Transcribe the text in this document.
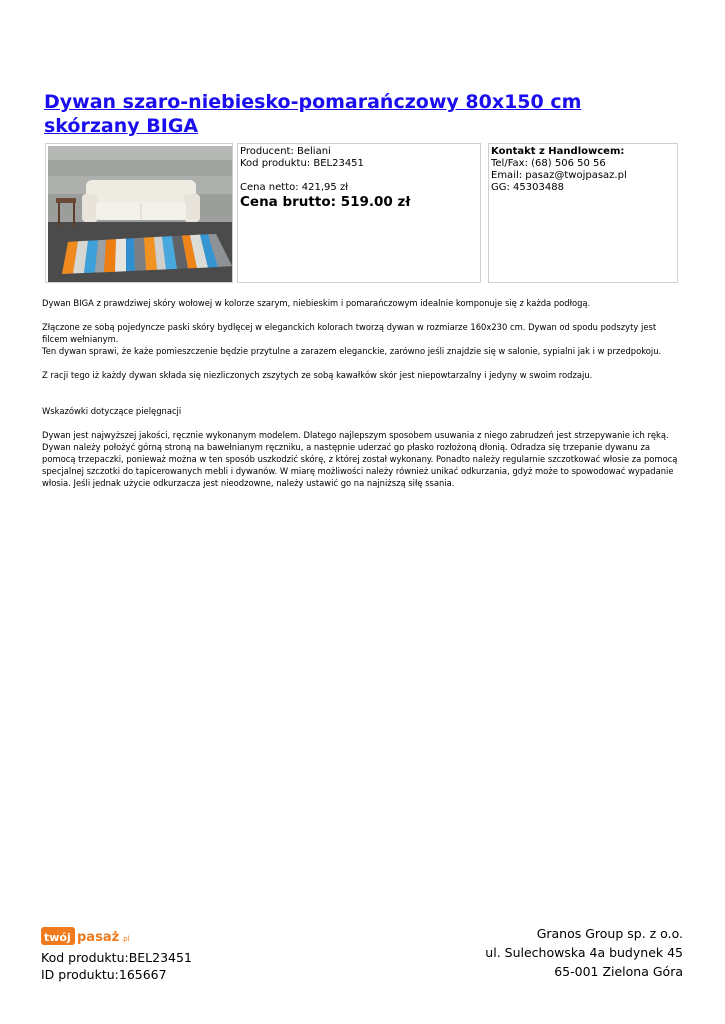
Dywan szaro-niebiesko-pomarańczowy 80x150 cm skórzany BIGA
Producent: Beliani
Kod produktu: BEL23451
Cena netto: 421,95 zł
Cena brutto: 519.00 zł
Kontakt z Handlowcem:
Tel/Fax: (68) 506 50 56
Email: pasaz@twojpasaz.pl
GG: 45303488

Dywan BIGA z prawdziwej skóry wołowej w kolorze szarym, niebieskim i pomarańczowym idealnie komponuje się z każda podłogą.

Złączone ze sobą pojedyncze paski skóry bydlęcej w eleganckich kolorach tworzą dywan w rozmiarze 160x230 cm. Dywan od spodu podszyty jest filcem wełnianym.

Ten dywan sprawi, że każe pomieszczenie będzie przytulne a zarazem eleganckie, zarówno jeśli znajdzie się w salonie, sypialni jak i w przedpokoju.

Z racji tego iż każdy dywan składa się niezliczonych zszytych ze sobą kawałków skór jest niepowtarzalny i jedyny w swoim rodzaju.

Wskazówki dotyczące pielęgnacji

Dywan jest najwyższej jakości, ręcznie wykonanym modelem. Dlatego najlepszym sposobem usuwania z niego zabrudzeń jest strzepywanie ich ręką. Dywan należy położyć górną stroną na bawełnianym ręczniku, a następnie uderzać go płasko rozłożoną dłonią. Odradza się trzepanie dywanu za pomocą trzepaczki, ponieważ można w ten sposób uszkodzić skórę, z której został wykonany. Ponadto należy regularnie szczotkować włosie za pomocą specjalnej szczotki do tapicerowanych mebli i dywanów. W miarę możliwości należy również unikać odkurzania, gdyż może to spowodować wypadanie włosia. Jeśli jednak użycie odkurzacza jest nieodzowne, należy ustawić go na najniższą siłę ssania.

twój pasaż .pl
Kod produktu:BEL23451
ID produktu:165667
Granos Group sp. z o.o.
ul. Sulechowska 4a budynek 45
65-001 Zielona Góra
